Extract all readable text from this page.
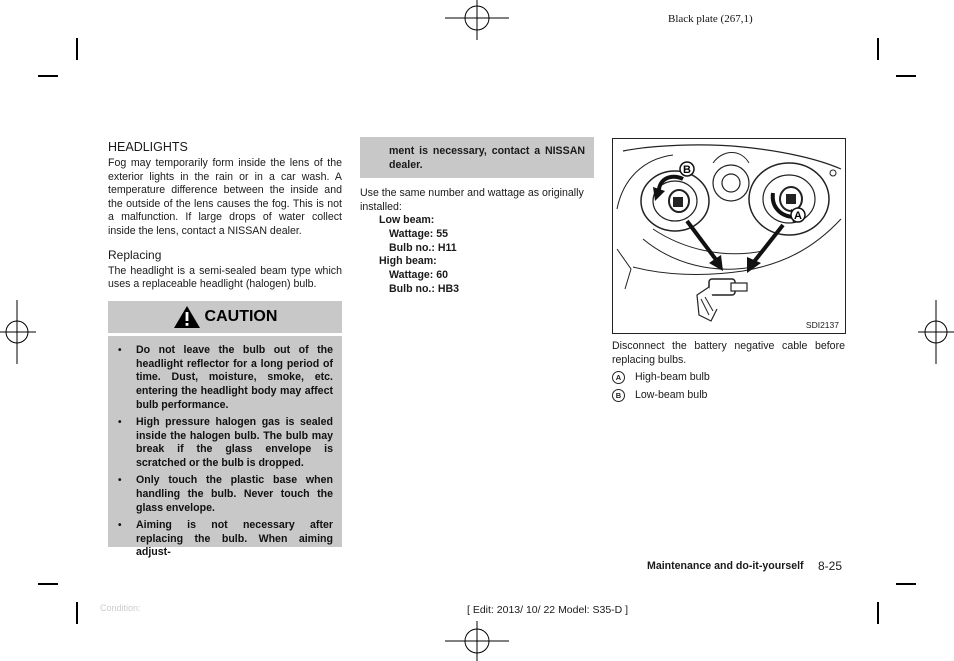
Black plate (267,1)
HEADLIGHTS

Fog may temporarily form inside the lens of the exterior lights in the rain or in a car wash. A temperature difference between the inside and the outside of the lens causes the fog. This is not a malfunction. If large drops of water collect inside the lens, contact a NISSAN dealer.

Replacing

The headlight is a semi-sealed beam type which uses a replaceable headlight (halogen) bulb.

CAUTION
• Do not leave the bulb out of the headlight reflector for a long period of time. Dust, moisture, smoke, etc. entering the headlight body may affect bulb performance.
• High pressure halogen gas is sealed inside the halogen bulb. The bulb may break if the glass envelope is scratched or the bulb is dropped.
• Only touch the plastic base when handling the bulb. Never touch the glass envelope.
• Aiming is not necessary after replacing the bulb. When aiming adjust-

ment is necessary, contact a NISSAN dealer.

Use the same number and wattage as originally installed:

Low beam:
Wattage: 55
Bulb no.: H11
High beam:
Wattage: 60
Bulb no.: HB3
B
A
SDI2137

Disconnect the battery negative cable before replacing bulbs.

A	High-beam bulb
B	Low-beam bulb
Maintenance and do-it-yourself 8-25
[ Edit: 2013/ 10/ 22 Model: S35-D ]
Condition:
